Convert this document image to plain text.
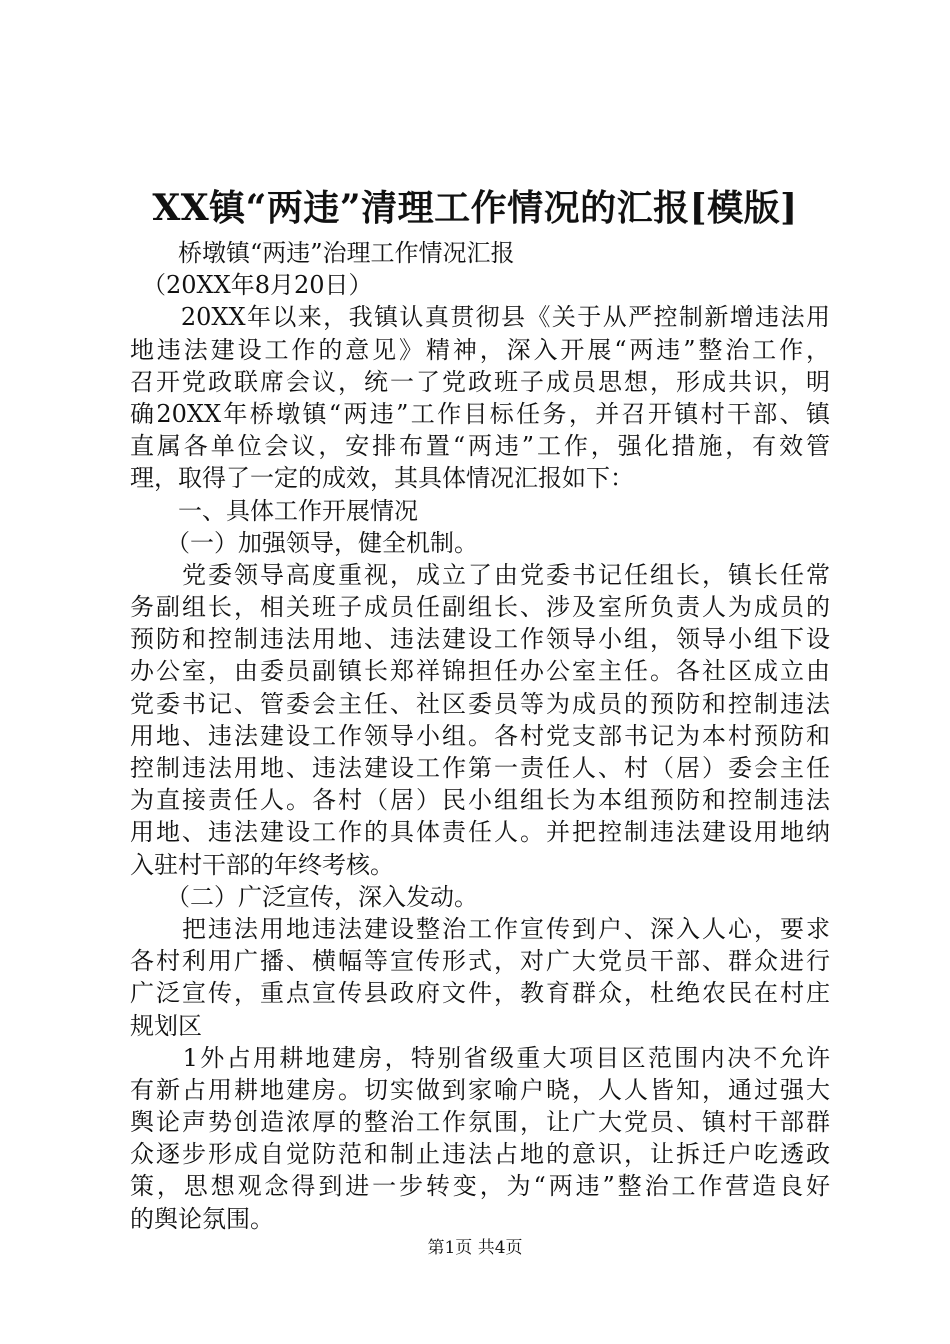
XX镇“两违”清理工作情况的汇报[模版]
　　桥墩镇“两违”治理工作情况汇报
　（20XX年8月20日）
　　20XX年以来，我镇认真贯彻县《关于从严控制新增违法用
地违法建设工作的意见》精神，深入开展“两违”整治工作，
召开党政联席会议，统一了党政班子成员思想，形成共识，明
确20XX年桥墩镇“两违”工作目标任务，并召开镇村干部、镇
直属各单位会议，安排布置“两违”工作，强化措施，有效管
理，取得了一定的成效，其具体情况汇报如下：
　　一、具体工作开展情况
　　（一）加强领导，健全机制。
　　党委领导高度重视，成立了由党委书记任组长，镇长任常
务副组长，相关班子成员任副组长、涉及室所负责人为成员的
预防和控制违法用地、违法建设工作领导小组，领导小组下设
办公室，由委员副镇长郑祥锦担任办公室主任。各社区成立由
党委书记、管委会主任、社区委员等为成员的预防和控制违法
用地、违法建设工作领导小组。各村党支部书记为本村预防和
控制违法用地、违法建设工作第一责任人、村（居）委会主任
为直接责任人。各村（居）民小组组长为本组预防和控制违法
用地、违法建设工作的具体责任人。并把控制违法建设用地纳
入驻村干部的年终考核。
　　（二）广泛宣传，深入发动。
　　把违法用地违法建设整治工作宣传到户、深入人心，要求
各村利用广播、横幅等宣传形式，对广大党员干部、群众进行
广泛宣传，重点宣传县政府文件，教育群众，杜绝农民在村庄
规划区
　　1外占用耕地建房，特别省级重大项目区范围内决不允许
有新占用耕地建房。切实做到家喻户晓，人人皆知，通过强大
舆论声势创造浓厚的整治工作氛围，让广大党员、镇村干部群
众逐步形成自觉防范和制止违法占地的意识，让拆迁户吃透政
策，思想观念得到进一步转变，为“两违”整治工作营造良好
的舆论氛围。
第1页 共4页
